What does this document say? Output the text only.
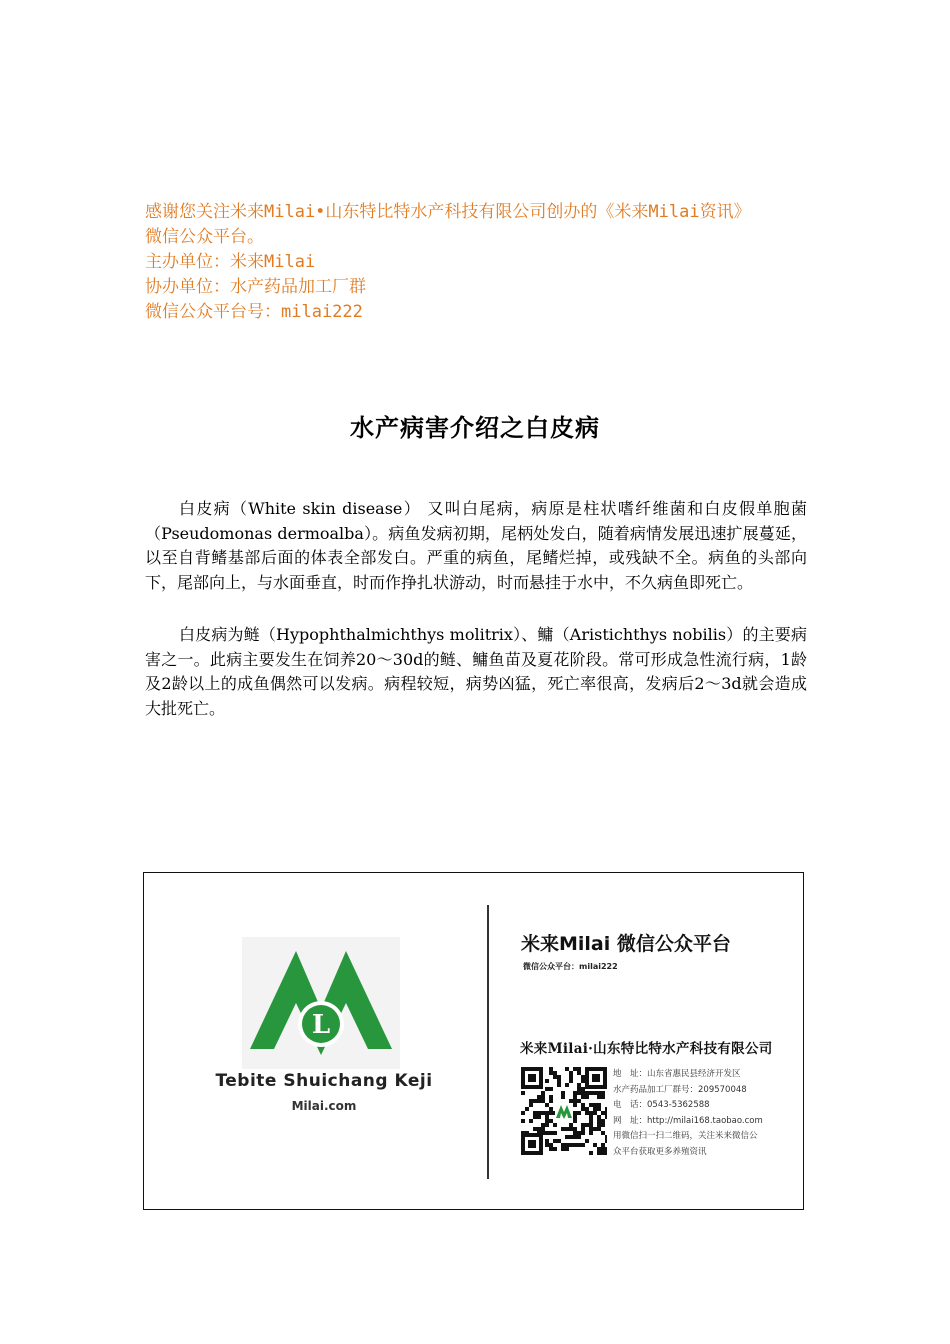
感谢您关注米来Milai•山东特比特水产科技有限公司创办的《米来Milai资讯》
微信公众平台。
主办单位：米来Milai
协办单位：水产药品加工厂群
微信公众平台号：milai222
水产病害介绍之白皮病

白皮病（White skin disease） 又叫白尾病，病原是柱状嗜纤维菌和白皮假单胞菌（Pseudomonas dermoalba）。病鱼发病初期，尾柄处发白，随着病情发展迅速扩展蔓延，以至自背鳍基部后面的体表全部发白。严重的病鱼，尾鳍烂掉，或残缺不全。病鱼的头部向下，尾部向上，与水面垂直，时而作挣扎状游动，时而悬挂于水中，不久病鱼即死亡。

白皮病为鲢（Hypophthalmichthys molitrix）、鳙（Aristichthys nobilis）的主要病害之一。此病主要发生在饲养20～30d的鲢、鳙鱼苗及夏花阶段。常可形成急性流行病，1龄及2龄以上的成鱼偶然可以发病。病程较短，病势凶猛，死亡率很高，发病后2～3d就会造成大批死亡。

L
Tebite Shuichang Keji
Milai.com
米来Milai 微信公众平台
微信公众平台：milai222
米来Milai·山东特比特水产科技有限公司
地　址：山东省惠民县经济开发区
水产药品加工厂群号：209570048
电　话：0543-5362588
网　址：http://milai168.taobao.com
用微信扫一扫二维码，关注米来微信公
众平台获取更多养殖资讯
